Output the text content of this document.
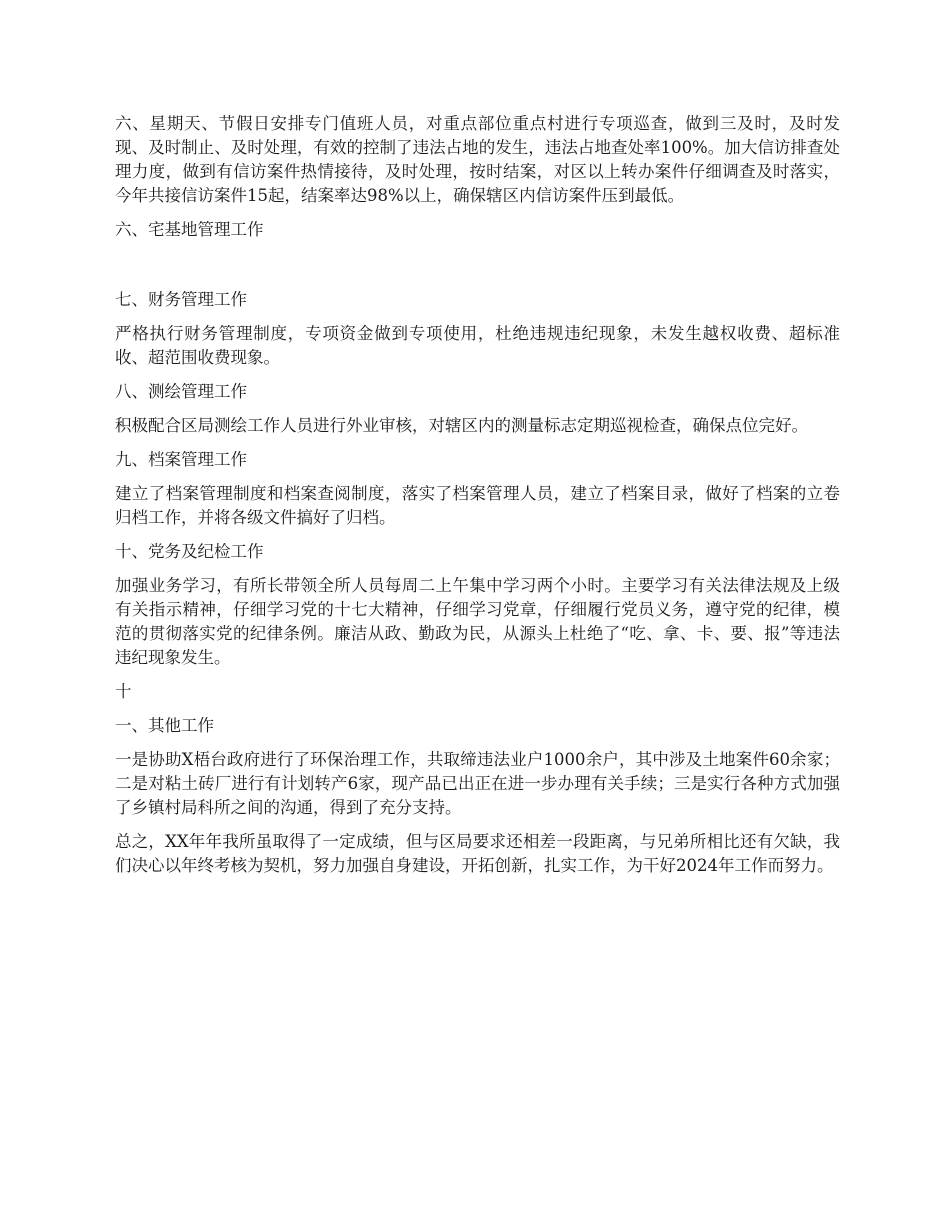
六、星期天、节假日安排专门值班人员，对重点部位重点村进行专项巡查，做到三及时，及时发现、及时制止、及时处理，有效的控制了违法占地的发生，违法占地查处率100%。加大信访排查处理力度，做到有信访案件热情接待，及时处理，按时结案，对区以上转办案件仔细调查及时落实，今年共接信访案件15起，结案率达98%以上，确保辖区内信访案件压到最低。

六、宅基地管理工作

七、财务管理工作

严格执行财务管理制度，专项资金做到专项使用，杜绝违规违纪现象，未发生越权收费、超标准收、超范围收费现象。

八、测绘管理工作

积极配合区局测绘工作人员进行外业审核，对辖区内的测量标志定期巡视检查，确保点位完好。

九、档案管理工作

建立了档案管理制度和档案查阅制度，落实了档案管理人员，建立了档案目录，做好了档案的立卷归档工作，并将各级文件搞好了归档。

十、党务及纪检工作

加强业务学习，有所长带领全所人员每周二上午集中学习两个小时。主要学习有关法律法规及上级有关指示精神，仔细学习党的十七大精神，仔细学习党章，仔细履行党员义务，遵守党的纪律，模范的贯彻落实党的纪律条例。廉洁从政、勤政为民，从源头上杜绝了“吃、拿、卡、要、报”等违法违纪现象发生。

十

一、其他工作

一是协助X梧台政府进行了环保治理工作，共取缔违法业户1000余户，其中涉及土地案件60余家；二是对粘土砖厂进行有计划转产6家，现产品已出正在进一步办理有关手续；三是实行各种方式加强了乡镇村局科所之间的沟通，得到了充分支持。

总之，XX年年我所虽取得了一定成绩，但与区局要求还相差一段距离，与兄弟所相比还有欠缺，我们决心以年终考核为契机，努力加强自身建设，开拓创新，扎实工作，为干好2024年工作而努力。
